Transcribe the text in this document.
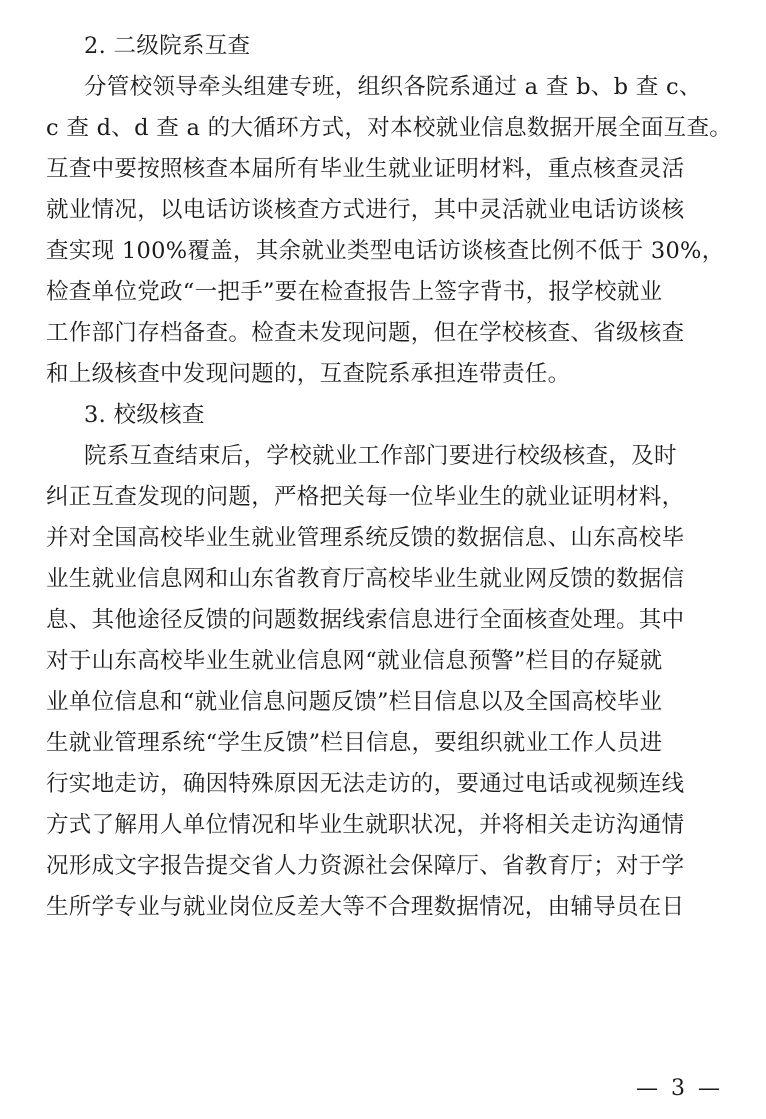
2. 二级院系互查
分管校领导牵头组建专班，组织各院系通过 a 查 b、b 查 c、
c 查 d、d 查 a 的大循环方式，对本校就业信息数据开展全面互查。
互查中要按照核查本届所有毕业生就业证明材料，重点核查灵活
就业情况，以电话访谈核查方式进行，其中灵活就业电话访谈核
查实现 100%覆盖，其余就业类型电话访谈核查比例不低于 30%，
检查单位党政“一把手”要在检查报告上签字背书，报学校就业
工作部门存档备查。检查未发现问题，但在学校核查、省级核查
和上级核查中发现问题的，互查院系承担连带责任。
3. 校级核查
院系互查结束后，学校就业工作部门要进行校级核查，及时
纠正互查发现的问题，严格把关每一位毕业生的就业证明材料，
并对全国高校毕业生就业管理系统反馈的数据信息、山东高校毕
业生就业信息网和山东省教育厅高校毕业生就业网反馈的数据信
息、其他途径反馈的问题数据线索信息进行全面核查处理。其中
对于山东高校毕业生就业信息网“就业信息预警”栏目的存疑就
业单位信息和“就业信息问题反馈”栏目信息以及全国高校毕业
生就业管理系统“学生反馈”栏目信息，要组织就业工作人员进
行实地走访，确因特殊原因无法走访的，要通过电话或视频连线
方式了解用人单位情况和毕业生就职状况，并将相关走访沟通情
况形成文字报告提交省人力资源社会保障厅、省教育厅；对于学
生所学专业与就业岗位反差大等不合理数据情况，由辅导员在日
— 3 —
